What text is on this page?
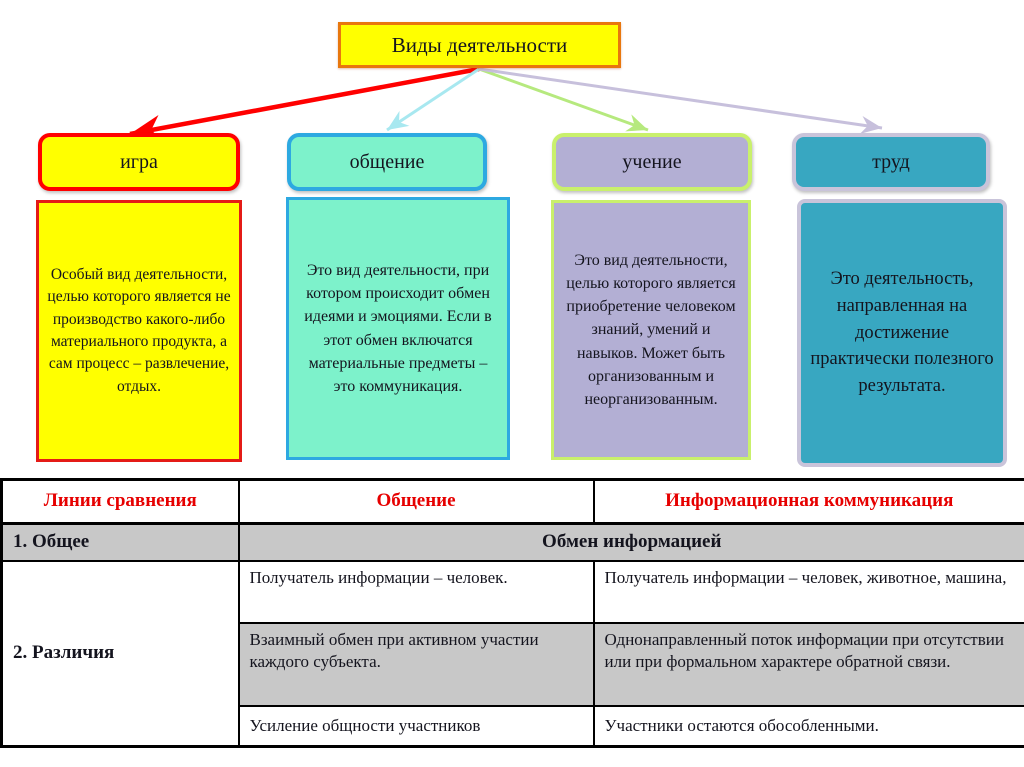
Виды деятельности
игра	общение	учение	труд
Особый вид деятельности, целью которого является не производство какого-либо материального продукта, а сам процесс – развлечение, отдых.
Это вид деятельности, при котором происходит обмен идеями и эмоциями. Если в этот обмен включатся материальные предметы – это коммуникация.
Это вид деятельности, целью которого является приобретение человеком знаний, умений и навыков. Может быть организованным и неорганизованным.
Это деятельность, направленная на достижение практически полезного результата.
Линии сравнения	Общение	Информационная коммуникация
1. Общее	Обмен информацией	
2. Различия	Получатель информации – человек.	Получатель информации – человек, животное, машина,
	Взаимный обмен при активном участии каждого субъекта.	Однонаправленный поток информации при отсутствии или при формальном характере обратной связи.
	Усиление общности участников	Участники остаются обособленными.
